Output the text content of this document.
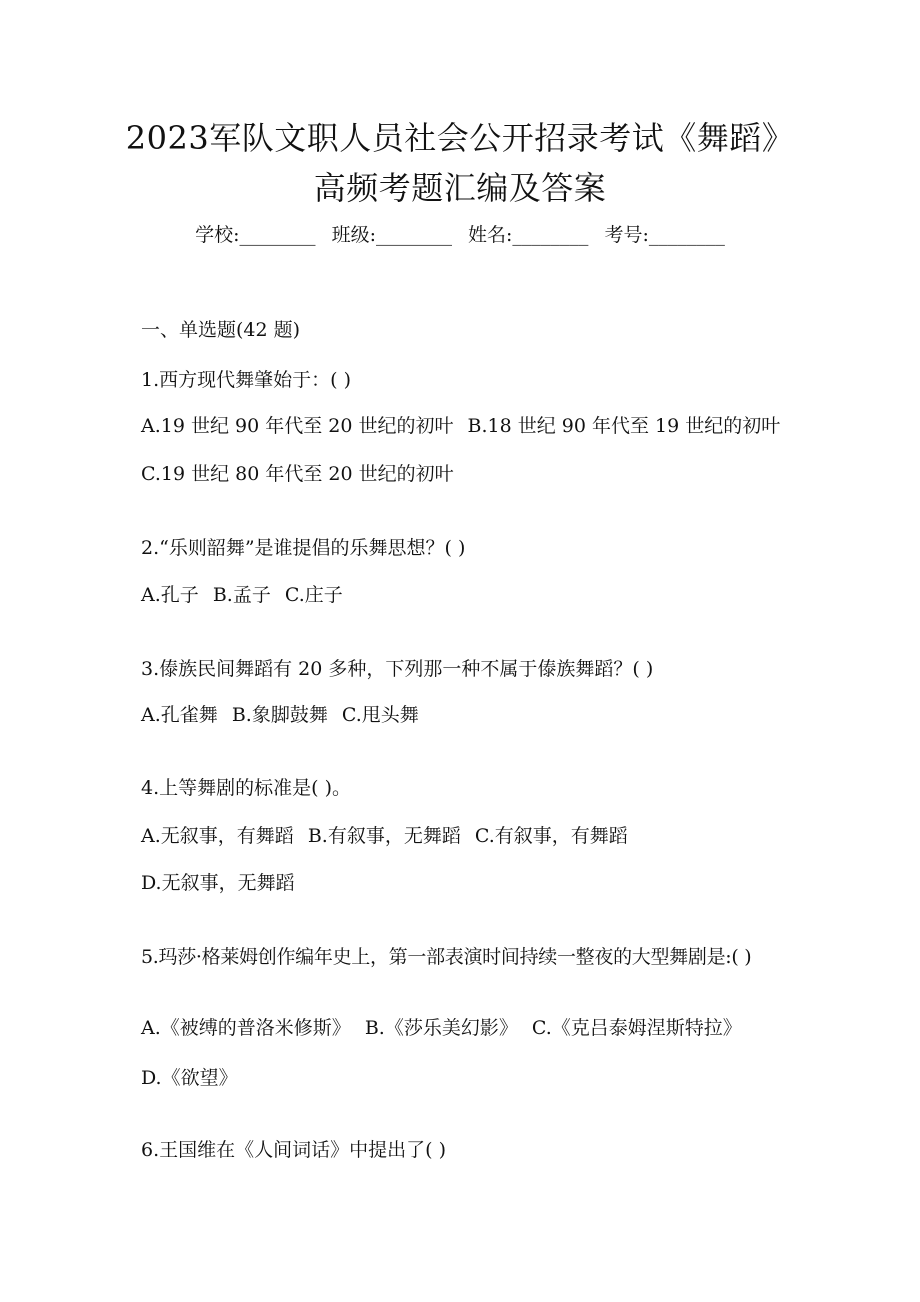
2023军队文职人员社会公开招录考试《舞蹈》
高频考题汇编及答案
学校:________ 班级:________ 姓名:________ 考号:________
一、单选题(42 题)
1.西方现代舞肇始于：( )
A.19 世纪 90 年代至 20 世纪的初叶 B.18 世纪 90 年代至 19 世纪的初叶
C.19 世纪 80 年代至 20 世纪的初叶
2.“乐则韶舞”是谁提倡的乐舞思想？( )
A.孔子 B.孟子 C.庄子
3.傣族民间舞蹈有 20 多种，下列那一种不属于傣族舞蹈？( )
A.孔雀舞 B.象脚鼓舞 C.甩头舞
4.上等舞剧的标准是( )。
A.无叙事，有舞蹈 B.有叙事，无舞蹈 C.有叙事，有舞蹈
D.无叙事，无舞蹈
5.玛莎·格莱姆创作编年史上，第一部表演时间持续一整夜的大型舞剧是:( )
A.《被缚的普洛米修斯》 B.《莎乐美幻影》 C.《克吕泰姆涅斯特拉》
D.《欲望》
6.王国维在《人间词话》中提出了( )
